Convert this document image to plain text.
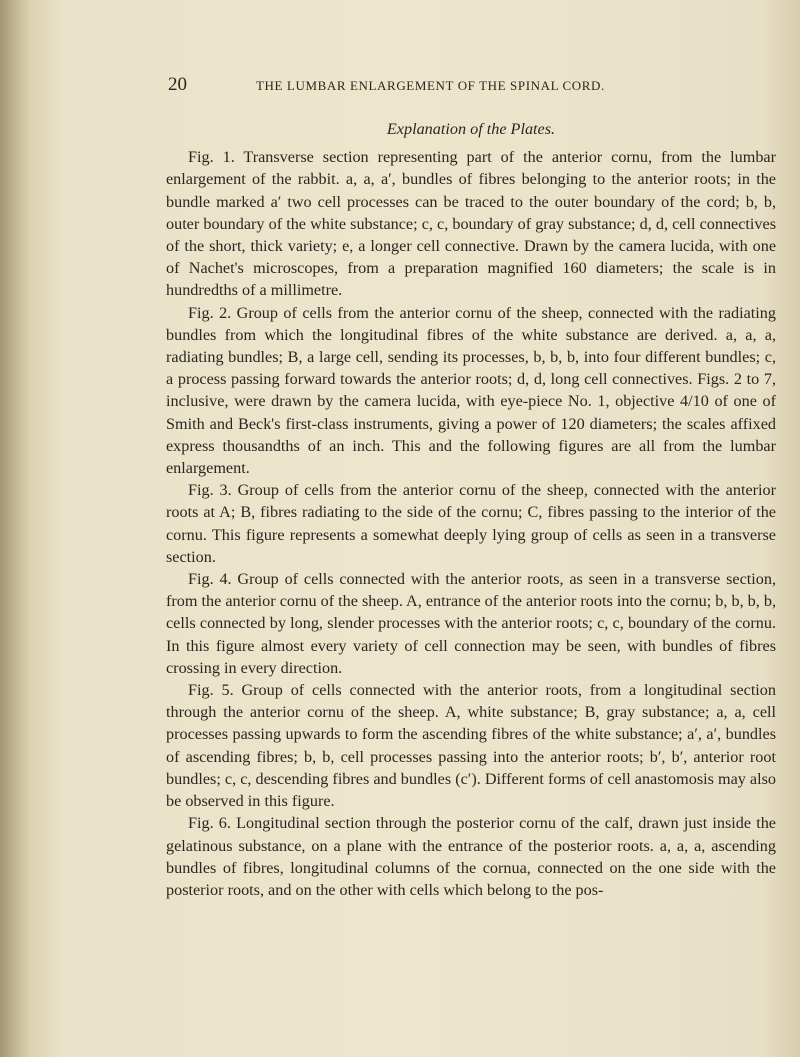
20	THE LUMBAR ENLARGEMENT OF THE SPINAL CORD.

Explanation of the Plates.

Fig. 1. Transverse section representing part of the anterior cornu, from the lumbar enlargement of the rabbit. a, a, a′, bundles of fibres belonging to the anterior roots; in the bundle marked a′ two cell processes can be traced to the outer boundary of the cord; b, b, outer boundary of the white substance; c, c, boundary of gray substance; d, d, cell connectives of the short, thick variety; e, a longer cell connective. Drawn by the camera lucida, with one of Nachet's microscopes, from a preparation magnified 160 diameters; the scale is in hundredths of a millimetre.

Fig. 2. Group of cells from the anterior cornu of the sheep, connected with the radiating bundles from which the longitudinal fibres of the white substance are derived. a, a, a, radiating bundles; B, a large cell, sending its processes, b, b, b, into four different bundles; c, a process passing forward towards the anterior roots; d, d, long cell connectives. Figs. 2 to 7, inclusive, were drawn by the camera lucida, with eye-piece No. 1, objective 4/10 of one of Smith and Beck's first-class instruments, giving a power of 120 diameters; the scales affixed express thousandths of an inch. This and the following figures are all from the lumbar enlargement.

Fig. 3. Group of cells from the anterior cornu of the sheep, connected with the anterior roots at A; B, fibres radiating to the side of the cornu; C, fibres passing to the interior of the cornu. This figure represents a somewhat deeply lying group of cells as seen in a transverse section.

Fig. 4. Group of cells connected with the anterior roots, as seen in a transverse section, from the anterior cornu of the sheep. A, entrance of the anterior roots into the cornu; b, b, b, b, cells connected by long, slender processes with the anterior roots; c, c, boundary of the cornu. In this figure almost every variety of cell connection may be seen, with bundles of fibres crossing in every direction.

Fig. 5. Group of cells connected with the anterior roots, from a longitudinal section through the anterior cornu of the sheep. A, white substance; B, gray substance; a, a, cell processes passing upwards to form the ascending fibres of the white substance; a′, a′, bundles of ascending fibres; b, b, cell processes passing into the anterior roots; b′, b′, anterior root bundles; c, c, descending fibres and bundles (c′). Different forms of cell anastomosis may also be observed in this figure.

Fig. 6. Longitudinal section through the posterior cornu of the calf, drawn just inside the gelatinous substance, on a plane with the entrance of the posterior roots. a, a, a, ascending bundles of fibres, longitudinal columns of the cornua, connected on the one side with the posterior roots, and on the other with cells which belong to the pos-
